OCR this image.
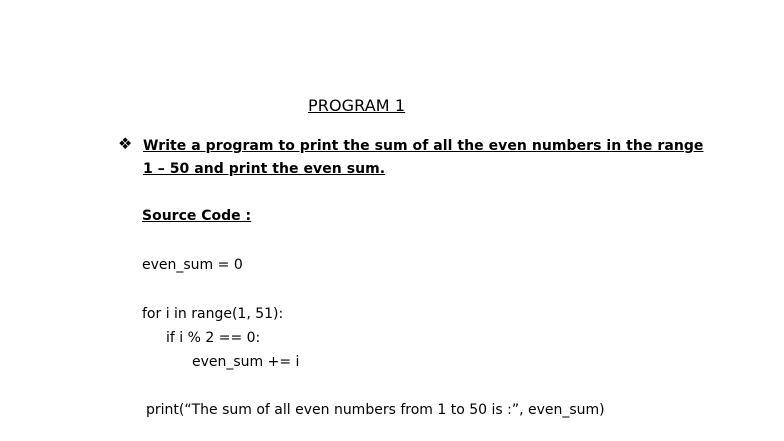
PROGRAM 1
❖ Write a program to print the sum of all the even numbers in the range
1 – 50 and print the even sum.
Source Code :
even_sum = 0
for i in range(1, 51):
if i % 2 == 0:
even_sum += i
print(“The sum of all even numbers from 1 to 50 is :”, even_sum)
